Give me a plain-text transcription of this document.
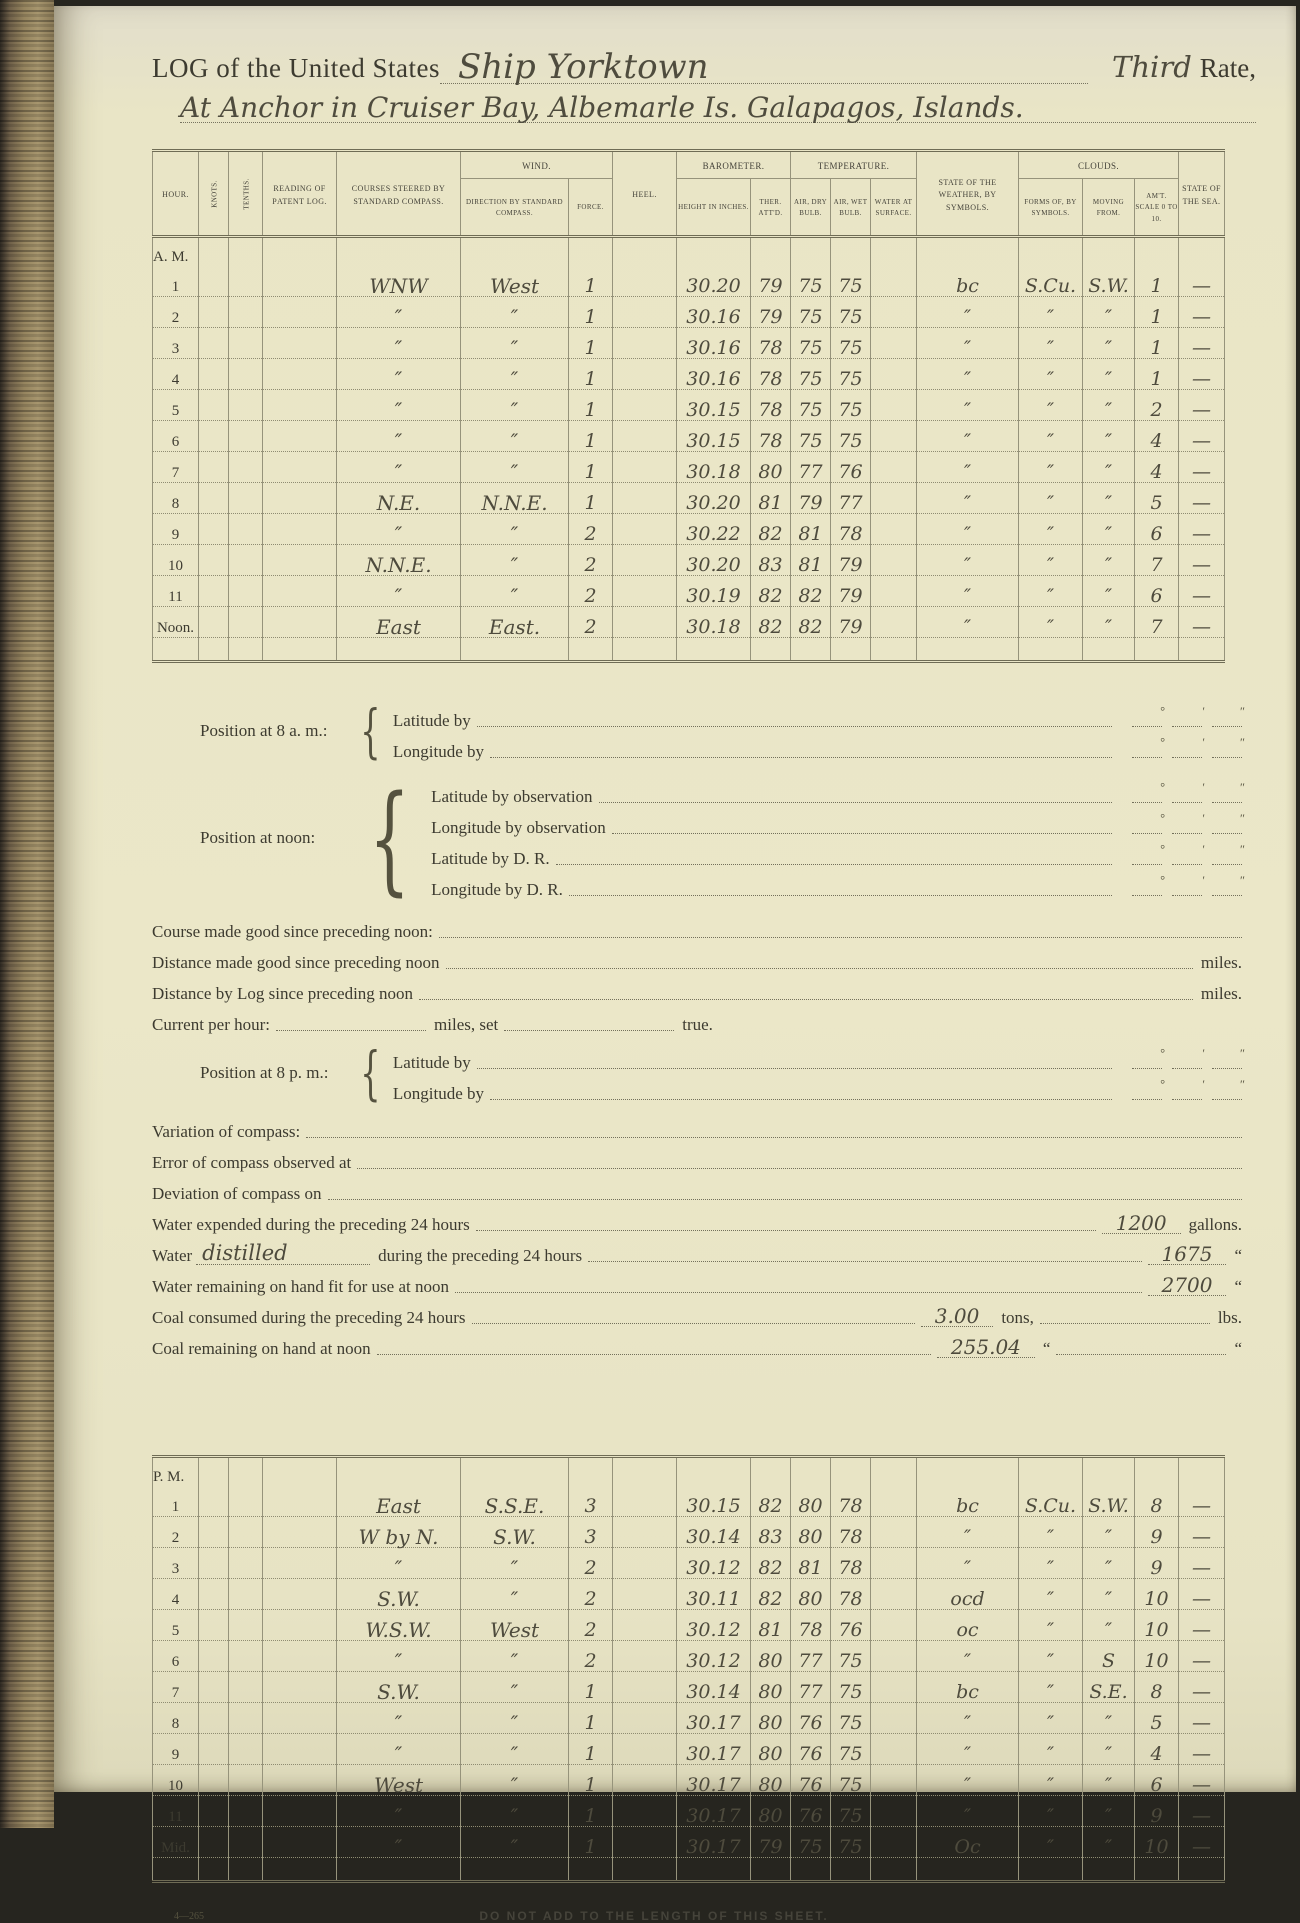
LOG of the United States Ship Yorktown	Third Rate,
At Anchor in Cruiser Bay, Albemarle Is. Galapagos, Islands.
Hour.	Knots.	Tenths.	Reading of Patent Log.	Courses Steered by Standard Compass.	Wind.		Heel.	Barometer.		Temperature.			State of the Weather, by Symbols.	Clouds.			State of the Sea.
					Direction by Standard Compass.	Force.		Height in Inches.	Ther. Att'd.	Air, Dry Bulb.	Air, Wet Bulb.	Water at Surface.		Forms of, by Symbols.	Moving from.	Am't. Scale 0 to 10.	
A. M.																	
1				WNW	West	1		30.20	79	75	75		bc	S.Cu.	S.W.	1	—
2				″	″	1		30.16	79	75	75		″	″	″	1	—
3				″	″	1		30.16	78	75	75		″	″	″	1	—
4				″	″	1		30.16	78	75	75		″	″	″	1	—
5				″	″	1		30.15	78	75	75		″	″	″	2	—
6				″	″	1		30.15	78	75	75		″	″	″	4	—
7				″	″	1		30.18	80	77	76		″	″	″	4	—
8				N.E.	N.N.E.	1		30.20	81	79	77		″	″	″	5	—
9				″	″	2		30.22	82	81	78		″	″	″	6	—
10				N.N.E.	″	2		30.20	83	81	79		″	″	″	7	—
11				″	″	2		30.19	82	82	79		″	″	″	6	—
Noon.				East	East.	2		30.18	82	82	79		″	″	″	7	—

Position at 8 a. m.: { Latitude by	°	′	″
Longitude by	°	′	″
Position at noon: { Latitude by observation	°	′	″
Longitude by observation	°	′	″
Latitude by D. R.	°	′	″
Longitude by D. R.	°	′	″
Course made good since preceding noon:
Distance made good since preceding noon	miles.
Distance by Log since preceding noon	miles.
Current per hour:	miles, set	true.
Position at 8 p. m.: { Latitude by	°	′	″
Longitude by	°	′	″
Variation of compass:
Error of compass observed at
Deviation of compass on
Water expended during the preceding 24 hours	1200	gallons.
Water distilled	during the preceding 24 hours	1675	“
Water remaining on hand fit for use at noon	2700	“
Coal consumed during the preceding 24 hours	3.00	tons,	lbs.
Coal remaining on hand at noon	255.04	“	“
P. M.																	
1				East	S.S.E.	3		30.15	82	80	78		bc	S.Cu.	S.W.	8	—
2				W by N.	S.W.	3		30.14	83	80	78		″	″	″	9	—
3				″	″	2		30.12	82	81	78		″	″	″	9	—
4				S.W.	″	2		30.11	82	80	78		ocd	″	″	10	—
5				W.S.W.	West	2		30.12	81	78	76		oc	″	″	10	—
6				″	″	2		30.12	80	77	75		″	″	S	10	—
7				S.W.	″	1		30.14	80	77	75		bc	″	S.E.	8	—
8				″	″	1		30.17	80	76	75		″	″	″	5	—
9				″	″	1		30.17	80	76	75		″	″	″	4	—
10				West	″	1		30.17	80	76	75		″	″	″	6	—
11				″	″	1		30.17	80	76	75		″	″	″	9	—
Mid.				″	″	1		30.17	79	75	75		Oc	″	″	10	—

4—265	DO NOT ADD TO THE LENGTH OF THIS SHEET.
